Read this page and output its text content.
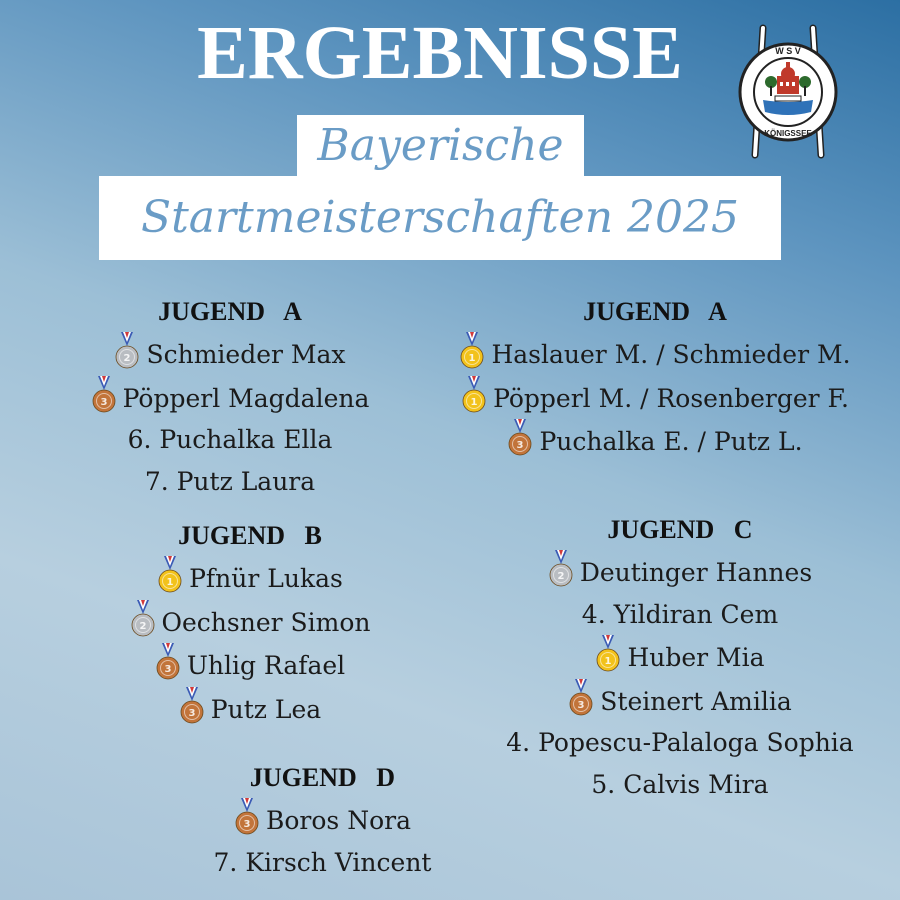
ERGEBNISSE
Bayerische
Startmeisterschaften 2025
W S V
KÖNIGSSEE
JUGEND   A
2 Schmieder Max
3 Pöpperl Magdalena
6. Puchalka Ella
7. Putz Laura
JUGEND   A
1 Haslauer M. / Schmieder M.
1 Pöpperl M. / Rosenberger F.
3 Puchalka E. / Putz L.
JUGEND   B
1 Pfnür Lukas
2 Oechsner Simon
3 Uhlig Rafael
3 Putz Lea
JUGEND   C
2 Deutinger Hannes
4. Yildiran Cem
1 Huber Mia
3 Steinert Amilia
4. Popescu-Palaloga Sophia
5. Calvis Mira
JUGEND   D
3 Boros Nora
7. Kirsch Vincent
